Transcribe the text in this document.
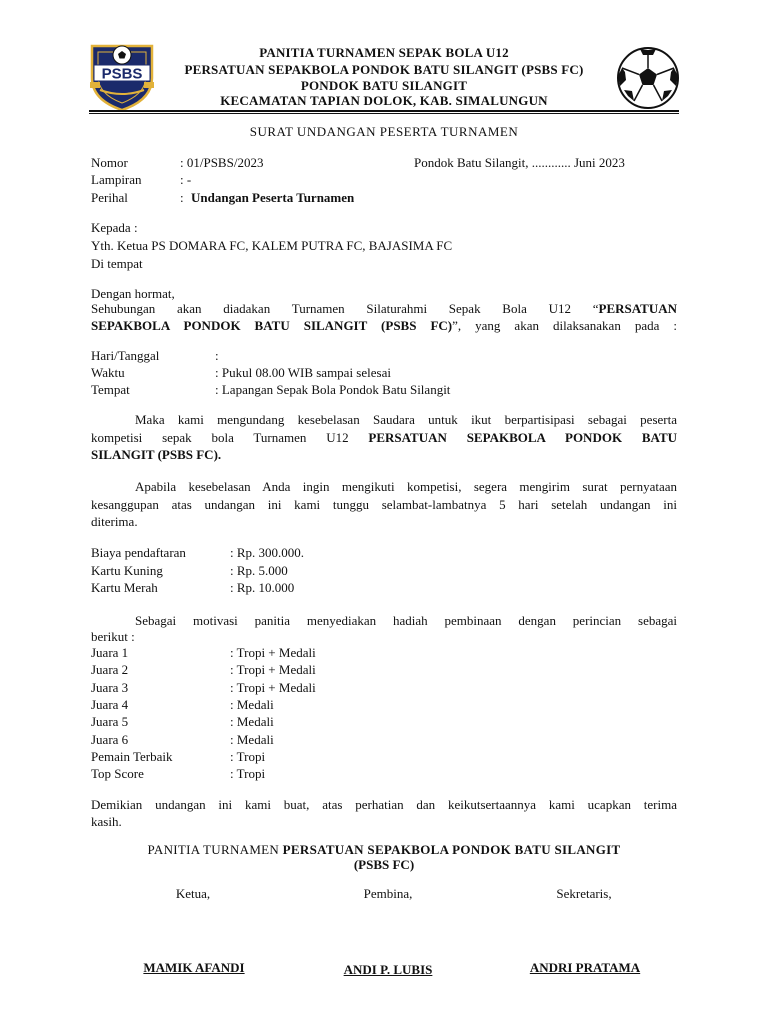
PSBS
PANITIA TURNAMEN SEPAK BOLA U12
PERSATUAN SEPAKBOLA PONDOK BATU SILANGIT (PSBS FC)
PONDOK BATU SILANGIT
KECAMATAN TAPIAN DOLOK, KAB. SIMALUNGUN
SURAT UNDANGAN PESERTA TURNAMEN
Nomor	: 01/PSBS/2023	Pondok Batu Silangit, ............ Juni 2023
Lampiran	: -
Perihal	: Undangan Peserta Turnamen
Kepada :
Yth. Ketua PS DOMARA FC, KALEM PUTRA FC, BAJASIMA FC
Di tempat
Dengan hormat,
Sehubungan akan diadakan Turnamen Silaturahmi Sepak Bola U12 “PERSATUAN
SEPAKBOLA PONDOK BATU SILANGIT (PSBS FC)”, yang akan dilaksanakan pada :
Hari/Tanggal	:
Waktu	: Pukul 08.00 WIB sampai selesai
Tempat	: Lapangan Sepak Bola Pondok Batu Silangit
Maka kami mengundang kesebelasan Saudara untuk ikut berpartisipasi sebagai peserta
kompetisi sepak bola Turnamen U12 PERSATUAN SEPAKBOLA PONDOK BATU
SILANGIT (PSBS FC).
Apabila kesebelasan Anda ingin mengikuti kompetisi, segera mengirim surat pernyataan
kesanggupan atas undangan ini kami tunggu selambat-lambatnya 5 hari setelah undangan ini
diterima.
Biaya pendaftaran	: Rp. 300.000.
Kartu Kuning	: Rp. 5.000
Kartu Merah	: Rp. 10.000
Sebagai motivasi panitia menyediakan hadiah pembinaan dengan perincian sebagai
berikut :
Juara 1	: Tropi + Medali
Juara 2	: Tropi + Medali
Juara 3	: Tropi + Medali
Juara 4	: Medali
Juara 5	: Medali
Juara 6	: Medali
Pemain Terbaik	: Tropi
Top Score	: Tropi
Demikian undangan ini kami buat, atas perhatian dan keikutsertaannya kami ucapkan terima
kasih.
PANITIA TURNAMEN PERSATUAN SEPAKBOLA PONDOK BATU SILANGIT
(PSBS FC)
Ketua,	Pembina,	Sekretaris,
MAMIK AFANDI	ANDI P. LUBIS	ANDRI PRATAMA
